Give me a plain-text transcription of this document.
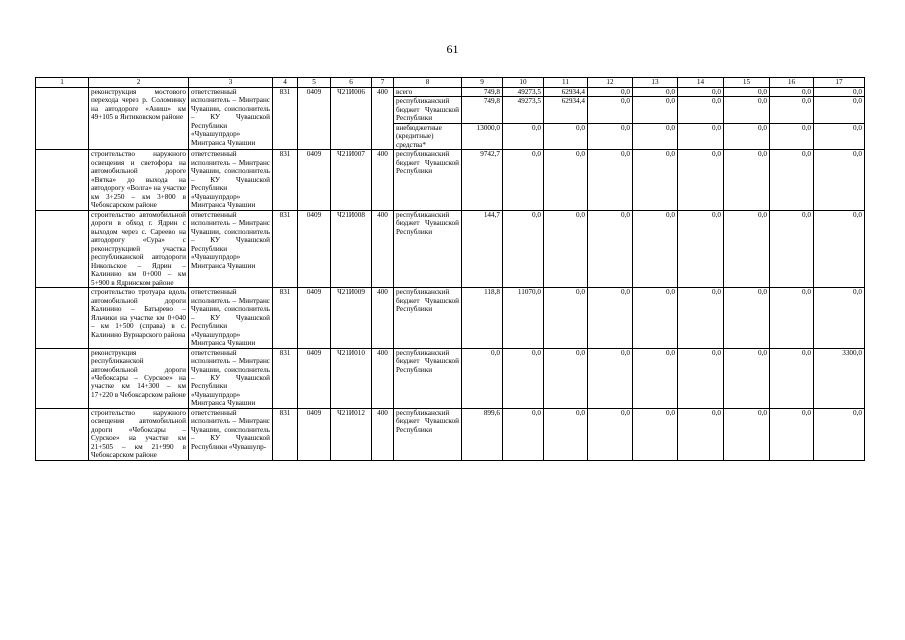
61
1	2	3	4	5	6	7	8	9	10	11	12	13	14	15	16	17
	реконструкция мостового перехода через р. Соломинку на автодороге «Аниш» км 49+105 в Янтиковском районе	ответственный исполнитель – Минтранс Чувашии, соисполнитель – КУ Чувашской Республики «Чувашупрдор» Минтранса Чувашии	831	0409	Ч21И006	400	всего	749,8	49273,5	62934,4	0,0	0,0	0,0	0,0	0,0	0,0
							республиканский бюджет Чувашской Республики	749,8	49273,5	62934,4	0,0	0,0	0,0	0,0	0,0	0,0
							внебюджетные (кредитные) средства*	13000,0	0,0	0,0	0,0	0,0	0,0	0,0	0,0	0,0
	строительство наружного освещения и светофора на автомобильной дороге «Вятка» до выхода на автодорогу «Волга» на участке км 3+250 – км 3+800 в Чебоксарском районе	ответственный исполнитель – Минтранс Чувашии, соисполнитель – КУ Чувашской Республики «Чувашупрдор» Минтранса Чувашии	831	0409	Ч21И007	400	республиканский бюджет Чувашской Республики	9742,7	0,0	0,0	0,0	0,0	0,0	0,0	0,0	0,0
	строительство автомобильной дороги в обход г. Ядрин с выходом через с. Сареево на автодорогу «Сура» с реконструкцией участка республиканской автодороги Никольское – Ядрин – Калинино км 0+000 – км 5+900 в Ядринском районе	ответственный исполнитель – Минтранс Чувашии, соисполнитель – КУ Чувашской Республики «Чувашупрдор» Минтранса Чувашии	831	0409	Ч21И008	400	республиканский бюджет Чувашской Республики	144,7	0,0	0,0	0,0	0,0	0,0	0,0	0,0	0,0
	строительство тротуара вдоль автомобильной дороги Калинино – Батырево – Яльчики на участке км 0+040 – км 1+500 (справа) в с. Калинино Вурнарского района	ответственный исполнитель – Минтранс Чувашии, соисполнитель – КУ Чувашской Республики «Чувашупрдор» Минтранса Чувашии	831	0409	Ч21И009	400	республиканский бюджет Чувашской Республики	118,8	11070,0	0,0	0,0	0,0	0,0	0,0	0,0	0,0
	реконструкция республиканской автомобильной дороги «Чебоксары – Сурское» на участке км 14+300 – км 17+220 в Чебоксарском районе	ответственный исполнитель – Минтранс Чувашии, соисполнитель – КУ Чувашской Республики «Чувашупрдор» Минтранса Чувашии	831	0409	Ч21И010	400	республиканский бюджет Чувашской Республики	0,0	0,0	0,0	0,0	0,0	0,0	0,0	0,0	3300,0
	строительство наружного освещения автомобильной дороги «Чебоксары – Сурское» на участке км 21+505 – км 21+990 в Чебоксарском районе	ответственный исполнитель – Минтранс Чувашии, соисполнитель – КУ Чувашской Республики «Чувашупр-	831	0409	Ч21И012	400	республиканский бюджет Чувашской Республики	899,6	0,0	0,0	0,0	0,0	0,0	0,0	0,0	0,0
